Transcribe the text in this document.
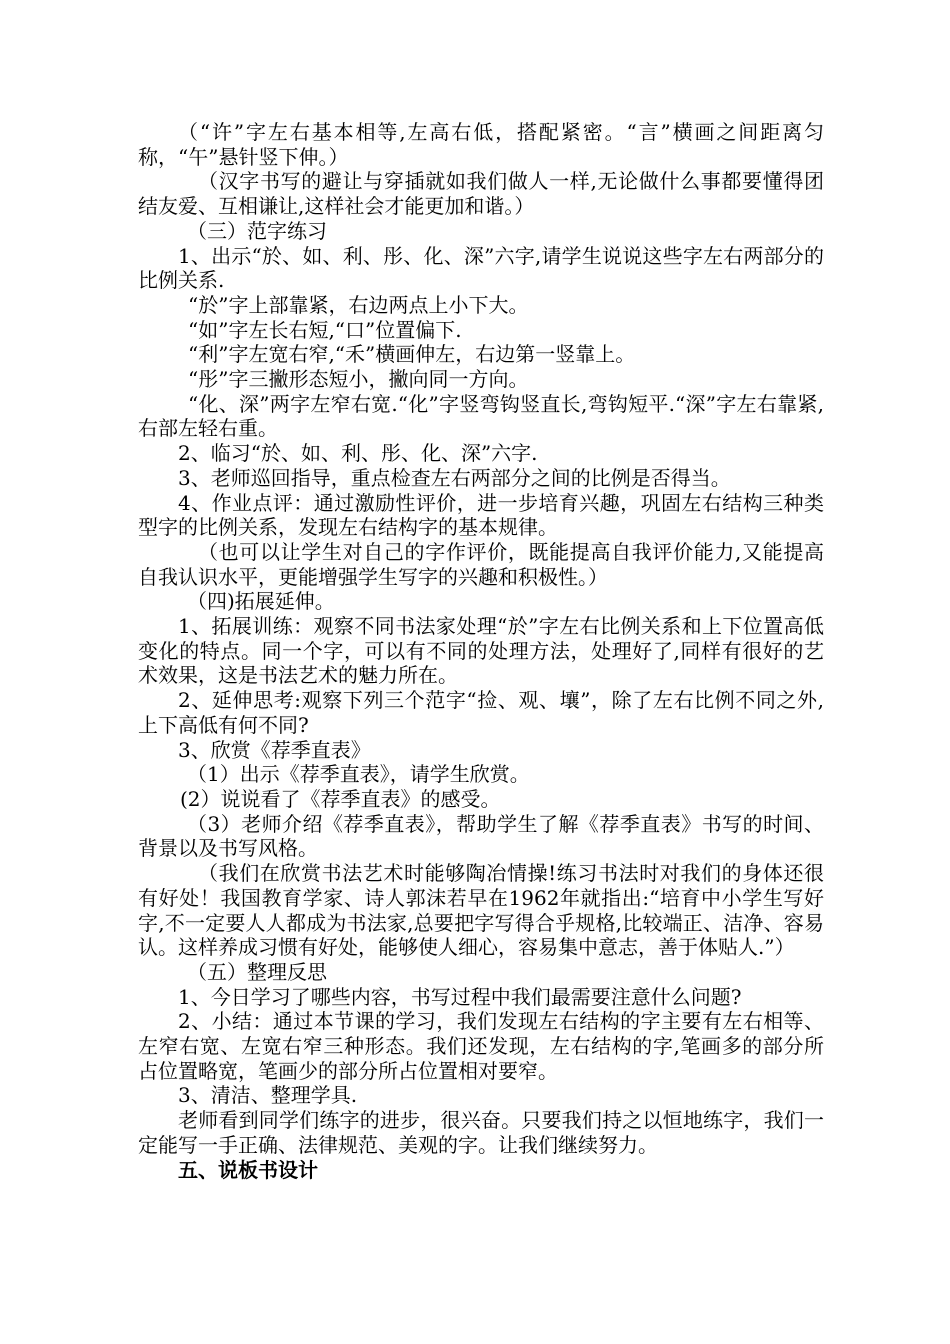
（“许”字左右基本相等,左高右低，搭配紧密。“言”横画之间距离匀称，“午”悬针竖下伸。）

（汉字书写的避让与穿插就如我们做人一样,无论做什么事都要懂得团结友爱、互相谦让,这样社会才能更加和谐。）

（三）范字练习

1、出示“於、如、利、彤、化、深”六字,请学生说说这些字左右两部分的比例关系.

“於”字上部靠紧，右边两点上小下大。

“如”字左长右短,“口”位置偏下.

“利”字左宽右窄,“禾”横画伸左，右边第一竖靠上。

“彤”字三撇形态短小，撇向同一方向。

“化、深”两字左窄右宽.“化”字竖弯钩竖直长,弯钩短平.“深”字左右靠紧,右部左轻右重。

2、临习“於、如、利、彤、化、深”六字.

3、老师巡回指导，重点检查左右两部分之间的比例是否得当。

4、作业点评：通过激励性评价，进一步培育兴趣，巩固左右结构三种类型字的比例关系，发现左右结构字的基本规律。

（也可以让学生对自己的字作评价，既能提高自我评价能力,又能提高自我认识水平，更能增强学生写字的兴趣和积极性。）

（四)拓展延伸。

1、拓展训练：观察不同书法家处理“於”字左右比例关系和上下位置高低变化的特点。同一个字，可以有不同的处理方法，处理好了,同样有很好的艺术效果，这是书法艺术的魅力所在。

2、延伸思考:观察下列三个范字“捡、观、壤”，除了左右比例不同之外,上下高低有何不同?

3、欣赏《荐季直表》

（1）出示《荐季直表》，请学生欣赏。

(2）说说看了《荐季直表》的感受。

（3）老师介绍《荐季直表》，帮助学生了解《荐季直表》书写的时间、背景以及书写风格。

（我们在欣赏书法艺术时能够陶冶情操!练习书法时对我们的身体还很有好处！我国教育学家、诗人郭沫若早在1962年就指出:“培育中小学生写好字,不一定要人人都成为书法家,总要把字写得合乎规格,比较端正、洁净、容易认。这样养成习惯有好处，能够使人细心，容易集中意志，善于体贴人.”）

（五）整理反思

1、今日学习了哪些内容，书写过程中我们最需要注意什么问题?

2、小结：通过本节课的学习，我们发现左右结构的字主要有左右相等、左窄右宽、左宽右窄三种形态。我们还发现，左右结构的字,笔画多的部分所占位置略宽，笔画少的部分所占位置相对要窄。

3、清洁、整理学具.

老师看到同学们练字的进步，很兴奋。只要我们持之以恒地练字，我们一定能写一手正确、法律规范、美观的字。让我们继续努力。

五、说板书设计
